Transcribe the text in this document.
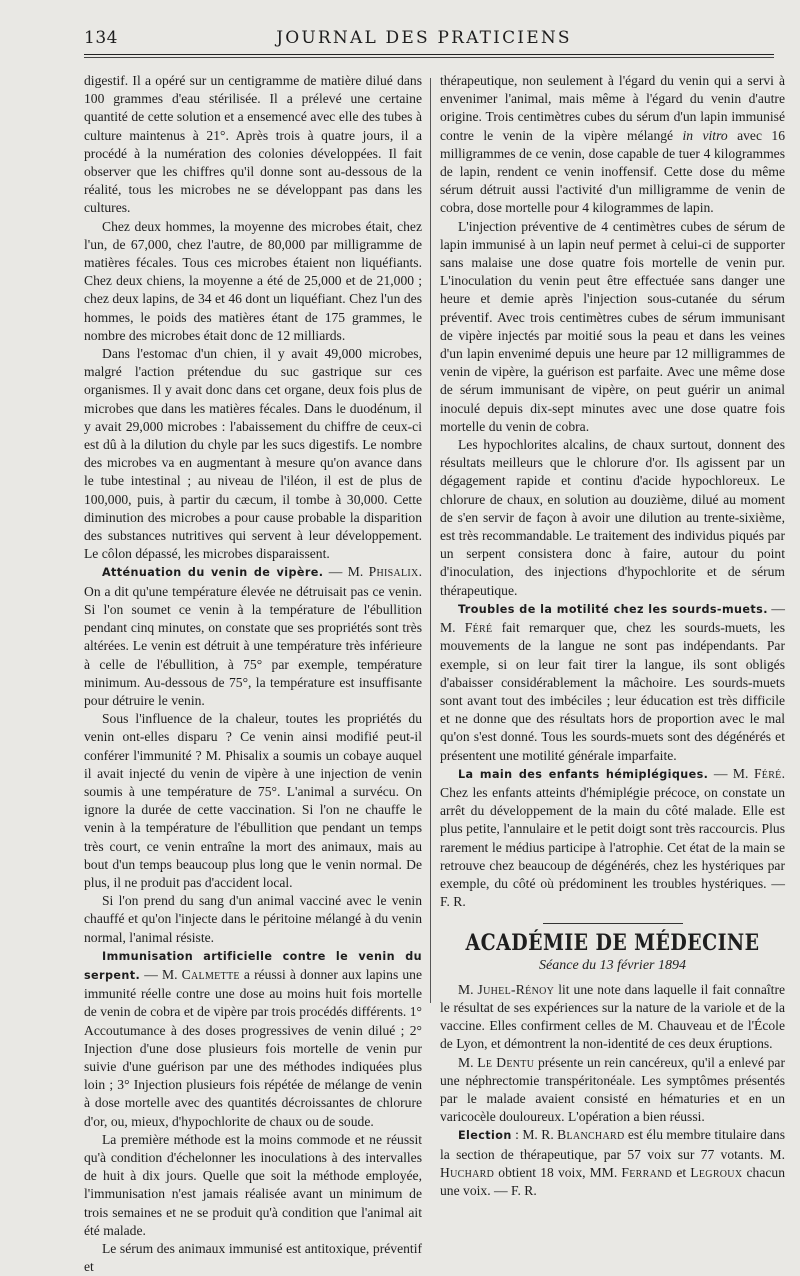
134	JOURNAL DES PRATICIENS

digestif. Il a opéré sur un centigramme de matière dilué dans 100 grammes d'eau stérilisée. Il a prélevé une certaine quantité de cette solution et a ensemencé avec elle des tubes à culture maintenus à 21°. Après trois à quatre jours, il a procédé à la numération des colonies développées. Il fait observer que les chiffres qu'il donne sont au-dessous de la réalité, tous les microbes ne se développant pas dans les cultures.

Chez deux hommes, la moyenne des microbes était, chez l'un, de 67,000, chez l'autre, de 80,000 par milligramme de matières fécales. Tous ces microbes étaient non liquéfiants. Chez deux chiens, la moyenne a été de 25,000 et de 21,000 ; chez deux lapins, de 34 et 46 dont un liquéfiant. Chez l'un des hommes, le poids des matières étant de 175 grammes, le nombre des microbes était donc de 12 milliards.

Dans l'estomac d'un chien, il y avait 49,000 microbes, malgré l'action prétendue du suc gastrique sur ces organismes. Il y avait donc dans cet organe, deux fois plus de microbes que dans les matières fécales. Dans le duodénum, il y avait 29,000 microbes : l'abaissement du chiffre de ceux-ci est dû à la dilution du chyle par les sucs digestifs. Le nombre des microbes va en augmentant à mesure qu'on avance dans le tube intestinal ; au niveau de l'iléon, il est de plus de 100,000, puis, à partir du cæcum, il tombe à 30,000. Cette diminution des microbes a pour cause probable la disparition des substances nutritives qui servent à leur développement. Le côlon dépassé, les microbes disparaissent.

Atténuation du venin de vipère. — M. Phisalix. On a dit qu'une température élevée ne détruisait pas ce venin. Si l'on soumet ce venin à la température de l'ébullition pendant cinq minutes, on constate que ses propriétés sont très altérées. Le venin est détruit à une température très inférieure à celle de l'ébullition, à 75° par exemple, température minimum. Au-dessous de 75°, la température est insuffisante pour détruire le venin.

Sous l'influence de la chaleur, toutes les propriétés du venin ont-elles disparu ? Ce venin ainsi modifié peut-il conférer l'immunité ? M. Phisalix a soumis un cobaye auquel il avait injecté du venin de vipère à une injection de venin soumis à une température de 75°. L'animal a survécu. On ignore la durée de cette vaccination. Si l'on ne chauffe le venin à la température de l'ébullition que pendant un temps très court, ce venin entraîne la mort des animaux, mais au bout d'un temps beaucoup plus long que le venin normal. De plus, il ne produit pas d'accident local.

Si l'on prend du sang d'un animal vacciné avec le venin chauffé et qu'on l'injecte dans le péritoine mélangé à du venin normal, l'animal résiste.

Immunisation artificielle contre le venin du serpent. — M. Calmette a réussi à donner aux lapins une immunité réelle contre une dose au moins huit fois mortelle de venin de cobra et de vipère par trois procédés différents. 1° Accoutumance à des doses progressives de venin dilué ; 2° Injection d'une dose plusieurs fois mortelle de venin pur suivie d'une guérison par une des méthodes indiquées plus loin ; 3° Injection plusieurs fois répétée de mélange de venin à dose mortelle avec des quantités décroissantes de chlorure d'or, ou, mieux, d'hypochlorite de chaux ou de soude.

La première méthode est la moins commode et ne réussit qu'à condition d'échelonner les inoculations à des intervalles de huit à dix jours. Quelle que soit la méthode employée, l'immunisation n'est jamais réalisée avant un minimum de trois semaines et ne se produit qu'à condition que l'animal ait été malade.

Le sérum des animaux immunisé est antitoxique, préventif et

thérapeutique, non seulement à l'égard du venin qui a servi à envenimer l'animal, mais même à l'égard du venin d'autre origine. Trois centimètres cubes du sérum d'un lapin immunisé contre le venin de la vipère mélangé in vitro avec 16 milligrammes de ce venin, dose capable de tuer 4 kilogrammes de lapin, rendent ce venin inoffensif. Cette dose du même sérum détruit aussi l'activité d'un milligramme de venin de cobra, dose mortelle pour 4 kilogrammes de lapin.

L'injection préventive de 4 centimètres cubes de sérum de lapin immunisé à un lapin neuf permet à celui-ci de supporter sans malaise une dose quatre fois mortelle de venin pur. L'inoculation du venin peut être effectuée sans danger une heure et demie après l'injection sous-cutanée du sérum préventif. Avec trois centimètres cubes de sérum immunisant de vipère injectés par moitié sous la peau et dans les veines d'un lapin envenimé depuis une heure par 12 milligrammes de venin de vipère, la guérison est parfaite. Avec une même dose de sérum immunisant de vipère, on peut guérir un animal inoculé depuis dix-sept minutes avec une dose quatre fois mortelle du venin de cobra.

Les hypochlorites alcalins, de chaux surtout, donnent des résultats meilleurs que le chlorure d'or. Ils agissent par un dégagement rapide et continu d'acide hypochloreux. Le chlorure de chaux, en solution au douzième, dilué au moment de s'en servir de façon à avoir une dilution au trente-sixième, est très recommandable. Le traitement des individus piqués par un serpent consistera donc à faire, autour du point d'inoculation, des injections d'hypochlorite et de sérum thérapeutique.

Troubles de la motilité chez les sourds-muets. — M. Féré fait remarquer que, chez les sourds-muets, les mouvements de la langue ne sont pas indépendants. Par exemple, si on leur fait tirer la langue, ils sont obligés d'abaisser considérablement la mâchoire. Les sourds-muets sont avant tout des imbéciles ; leur éducation est très difficile et ne donne que des résultats hors de proportion avec le mal qu'on s'est donné. Tous les sourds-muets sont des dégénérés et présentent une motilité générale imparfaite.

La main des enfants hémiplégiques. — M. Féré. Chez les enfants atteints d'hémiplégie précoce, on constate un arrêt du développement de la main du côté malade. Elle est plus petite, l'annulaire et le petit doigt sont très raccourcis. Plus rarement le médius participe à l'atrophie. Cet état de la main se retrouve chez beaucoup de dégénérés, chez les hystériques par exemple, du côté où prédominent les troubles hystériques. — F. R.

ACADÉMIE DE MÉDECINE
Séance du 13 février 1894

M. Juhel-Rénoy lit une note dans laquelle il fait connaître le résultat de ses expériences sur la nature de la variole et de la vaccine. Elles confirment celles de M. Chauveau et de l'École de Lyon, et démontrent la non-identité de ces deux éruptions.

M. Le Dentu présente un rein cancéreux, qu'il a enlevé par une néphrectomie transpéritonéale. Les symptômes présentés par le malade avaient consisté en hématuries et en un varicocèle douloureux. L'opération a bien réussi.

Election : M. R. Blanchard est élu membre titulaire dans la section de thérapeutique, par 57 voix sur 77 votants. M. Huchard obtient 18 voix, MM. Ferrand et Legroux chacun une voix. — F. R.
